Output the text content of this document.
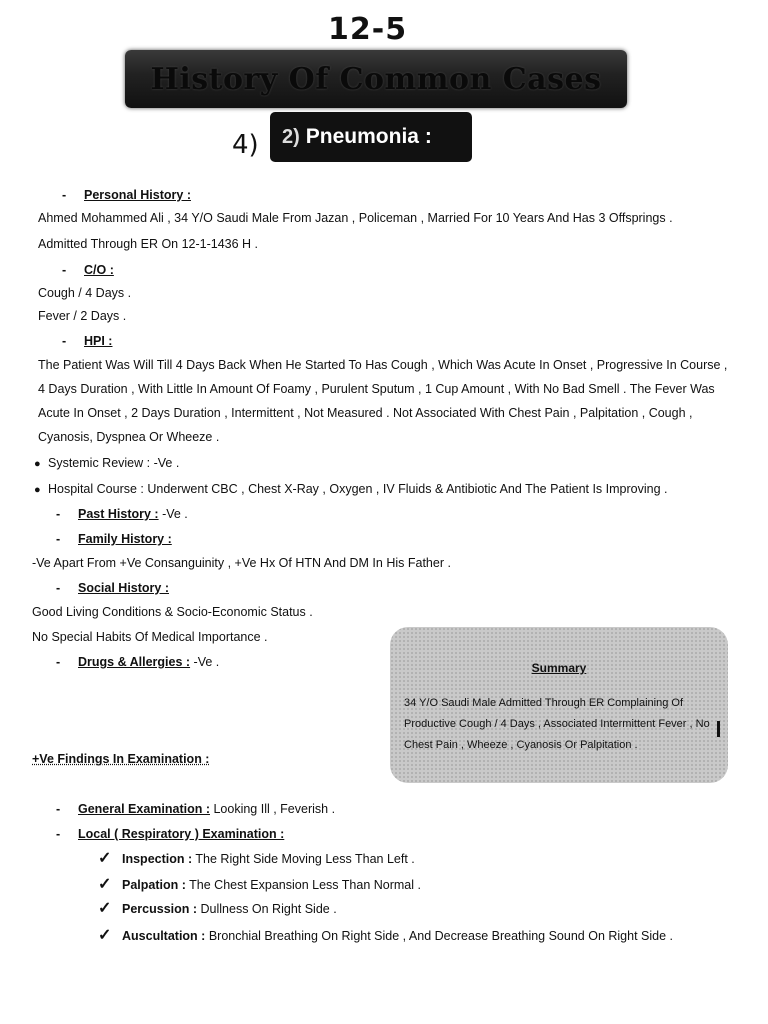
12-5
History Of Common Cases
4) 2) Pneumonia :
- Personal History :
Ahmed Mohammed Ali , 34 Y/O Saudi Male From Jazan , Policeman , Married For 10 Years And Has 3 Offsprings .
Admitted Through ER On 12-1-1436 H .
- C/O :
Cough / 4 Days .
Fever / 2 Days .
- HPI :
The Patient Was Will Till 4 Days Back When He Started To Has Cough , Which Was Acute In Onset , Progressive In Course ,
4 Days Duration , With Little In Amount Of Foamy , Purulent Sputum , 1 Cup Amount , With No Bad Smell . The Fever Was
Acute In Onset , 2 Days Duration , Intermittent , Not Measured . Not Associated With Chest Pain , Palpitation , Cough ,
Cyanosis, Dyspnea Or Wheeze .
● Systemic Review : -Ve .
● Hospital Course : Underwent CBC , Chest X-Ray , Oxygen , IV Fluids & Antibiotic And The Patient Is Improving .
- Past History : -Ve .
- Family History :
-Ve Apart From +Ve Consanguinity , +Ve Hx Of HTN And DM In His Father .
- Social History :
Good Living Conditions & Socio-Economic Status .
No Special Habits Of Medical Importance .
- Drugs & Allergies : -Ve .	Summary
34 Y/O Saudi Male Admitted Through ER Complaining Of Productive Cough / 4 Days , Associated Intermittent Fever , No Chest Pain , Wheeze , Cyanosis Or Palpitation .
+Ve Findings In Examination :
- General Examination : Looking Ill , Feverish .
- Local ( Respiratory ) Examination :
✓ Inspection : The Right Side Moving Less Than Left .
✓ Palpation : The Chest Expansion Less Than Normal .
✓ Percussion : Dullness On Right Side .
✓ Auscultation : Bronchial Breathing On Right Side , And Decrease Breathing Sound On Right Side .
